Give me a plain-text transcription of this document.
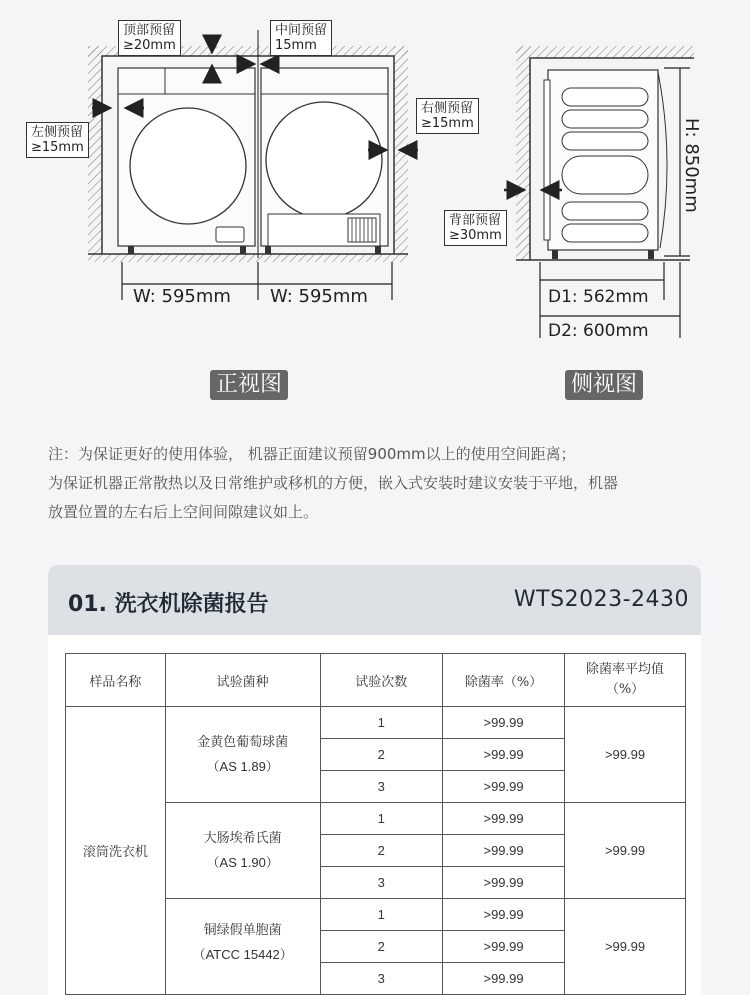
W: 595mm W: 595mm
H: 850mm
D1: 562mm
D2: 600mm
顶部预留
≥20mm
中间预留
15mm
左侧预留
≥15mm
右侧预留
≥15mm
背部预留
≥30mm
正视图	侧视图
注：为保证更好的使用体验， 机器正面建议预留900mm以上的使用空间距离；
为保证机器正常散热以及日常维护或移机的方便，嵌入式安装时建议安装于平地，机器
放置位置的左右后上空间间隙建议如上。
01. 洗衣机除菌报告	WTS2023-2430
样品名称	试验菌种	试验次数	除菌率（%）	除菌率平均值
（%）
滚筒洗衣机	金黄色葡萄球菌
（AS 1.89）	1	>99.99	>99.99
		2	>99.99	
		3	>99.99	

	大肠埃希氏菌
（AS 1.90）	1	>99.99	>99.99
		2	>99.99	
		3	>99.99	

	铜绿假单胞菌
（ATCC 15442）	1	>99.99	>99.99
		2	>99.99	
		3	>99.99	
